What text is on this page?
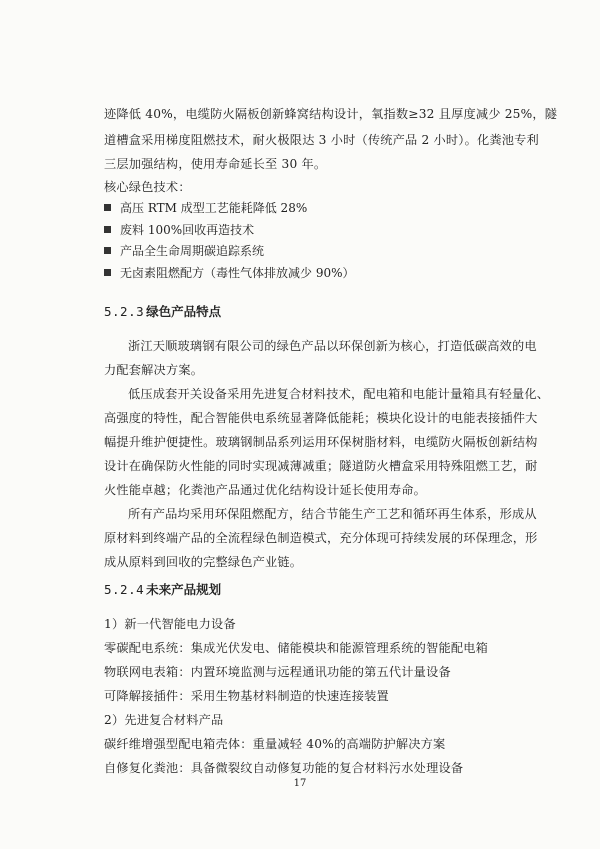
迹降低 40%，电缆防火隔板创新蜂窝结构设计，氧指数≥32 且厚度减少 25%，隧
道槽盒采用梯度阻燃技术，耐火极限达 3 小时（传统产品 2 小时）。化粪池专利
三层加强结构，使用寿命延长至 30 年。
核心绿色技术：
高压 RTM 成型工艺能耗降低 28%
废料 100%回收再造技术
产品全生命周期碳追踪系统
无卤素阻燃配方（毒性气体排放减少 90%）
5.2.3 绿色产品特点
浙江天顺玻璃钢有限公司的绿色产品以环保创新为核心，打造低碳高效的电
力配套解决方案。
低压成套开关设备采用先进复合材料技术，配电箱和电能计量箱具有轻量化、
高强度的特性，配合智能供电系统显著降低能耗；模块化设计的电能表接插件大
幅提升维护便捷性。玻璃钢制品系列运用环保树脂材料，电缆防火隔板创新结构
设计在确保防火性能的同时实现减薄减重；隧道防火槽盒采用特殊阻燃工艺，耐
火性能卓越；化粪池产品通过优化结构设计延长使用寿命。
所有产品均采用环保阻燃配方，结合节能生产工艺和循环再生体系，形成从
原材料到终端产品的全流程绿色制造模式，充分体现可持续发展的环保理念，形
成从原料到回收的完整绿色产业链。
5.2.4 未来产品规划
1）新一代智能电力设备
零碳配电系统：集成光伏发电、储能模块和能源管理系统的智能配电箱
物联网电表箱：内置环境监测与远程通讯功能的第五代计量设备
可降解接插件：采用生物基材料制造的快速连接装置
2）先进复合材料产品
碳纤维增强型配电箱壳体：重量减轻 40%的高端防护解决方案
自修复化粪池：具备微裂纹自动修复功能的复合材料污水处理设备
17
